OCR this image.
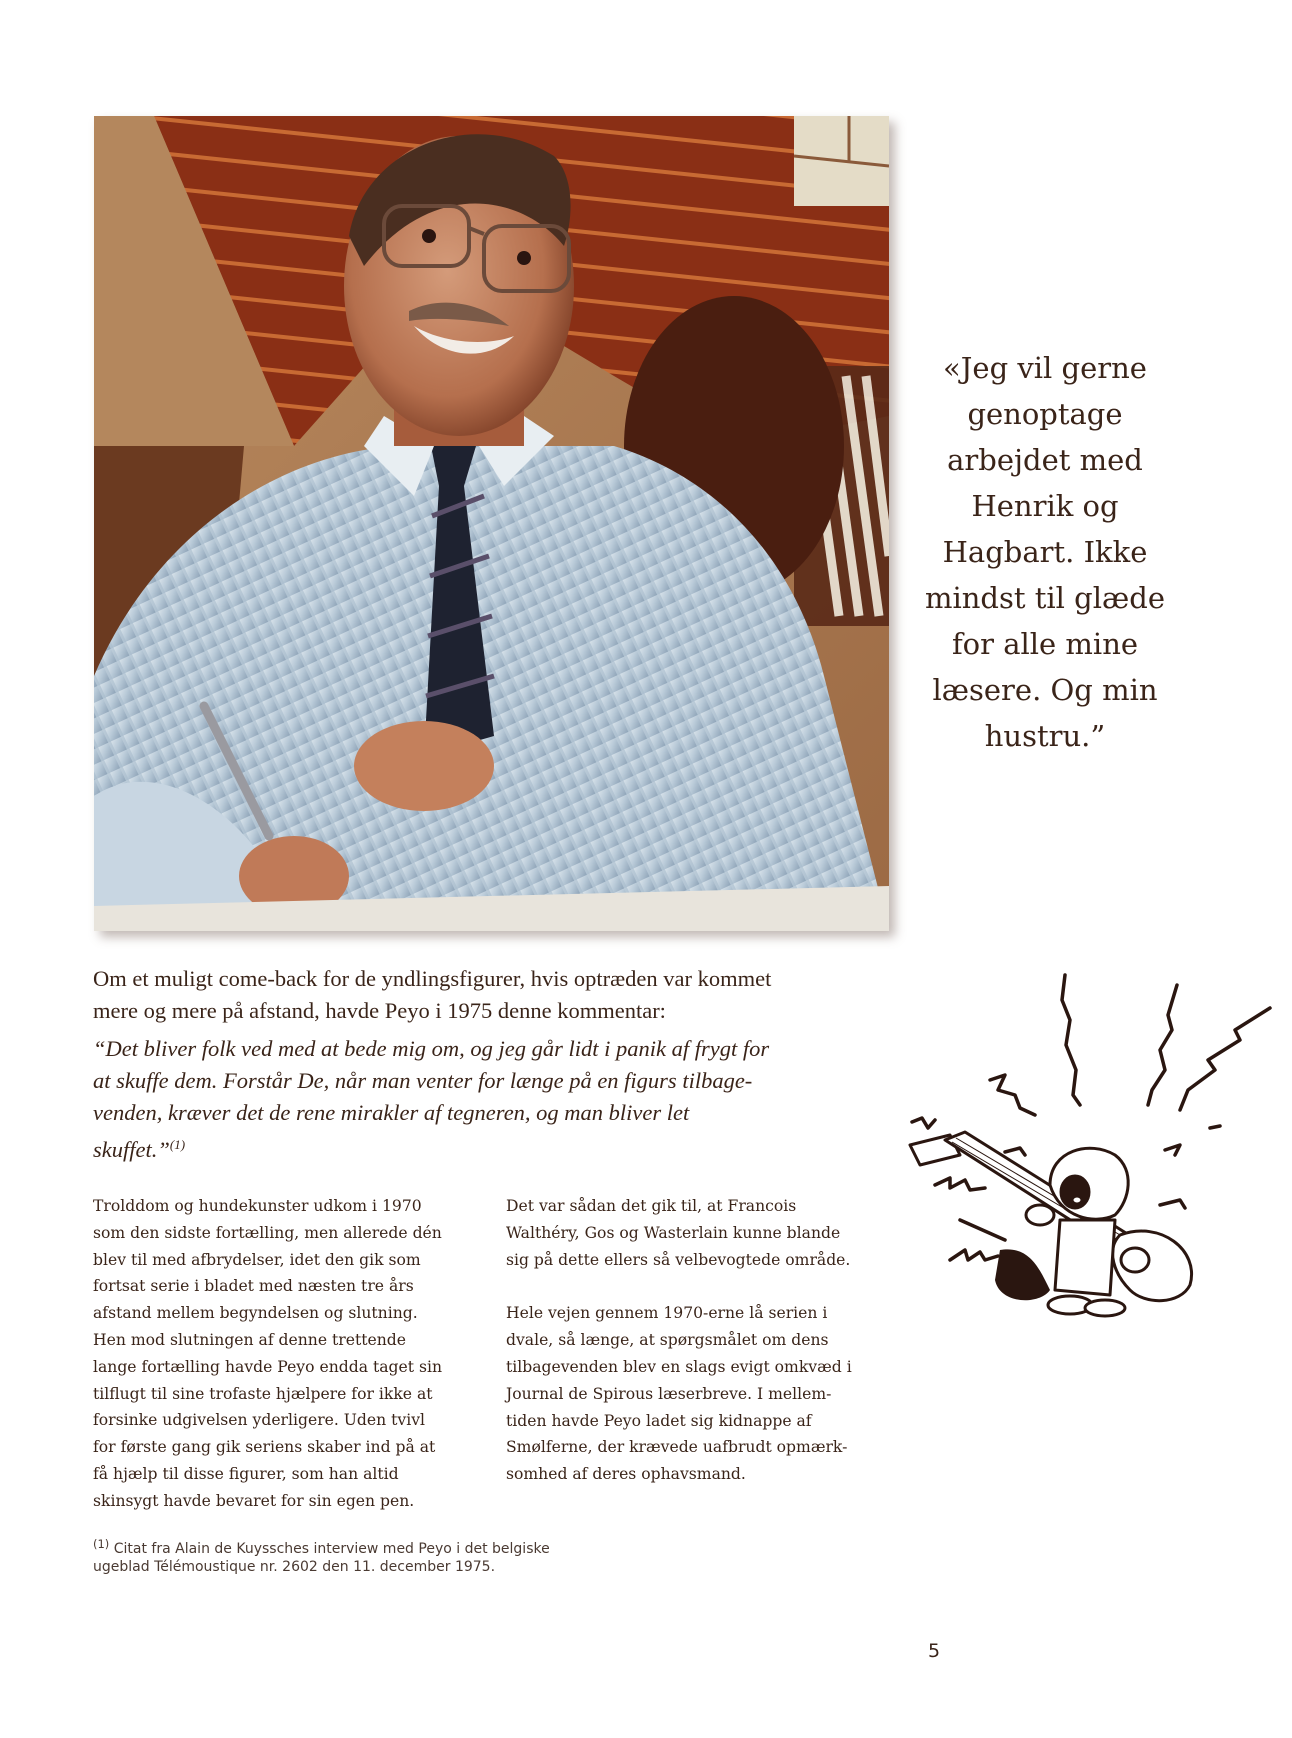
«Jeg vil gerne
genoptage
arbejdet med
Henrik og
Hagbart. Ikke
mindst til glæde
for alle mine
læsere. Og min
hustru.”

Om et muligt come-back for de yndlingsfigurer, hvis optræden var kommet
mere og mere på afstand, havde Peyo i 1975 denne kommentar:

“Det bliver folk ved med at bede mig om, og jeg går lidt i panik af frygt for
at skuffe dem. Forstår De, når man venter for længe på en figurs tilbage-
venden, kræver det de rene mirakler af tegneren, og man bliver let
skuffet.”$^{(1)}$

Trolddom og hundekunster udkom i 1970
som den sidste fortælling, men allerede dén
blev til med afbrydelser, idet den gik som
fortsat serie i bladet med næsten tre års
afstand mellem begyndelsen og slutning.
Hen mod slutningen af denne trettende
lange fortælling havde Peyo endda taget sin
tilflugt til sine trofaste hjælpere for ikke at
forsinke udgivelsen yderligere. Uden tvivl
for første gang gik seriens skaber ind på at
få hjælp til disse figurer, som han altid
skinsygt havde bevaret for sin egen pen.

Det var sådan det gik til, at Francois
Walthéry, Gos og Wasterlain kunne blande
sig på dette ellers så velbevogtede område.

Hele vejen gennem 1970-erne lå serien i
dvale, så længe, at spørgsmålet om dens
tilbagevenden blev en slags evigt omkvæd i
Journal de Spirous læserbreve. I mellem-
tiden havde Peyo ladet sig kidnappe af
Smølferne, der krævede uafbrudt opmærk-
somhed af deres ophavsmand.

$^{(1)}$ Citat fra Alain de Kuyssches interview med Peyo i det belgiske
ugeblad Télémoustique nr. 2602 den 11. december 1975.
5
